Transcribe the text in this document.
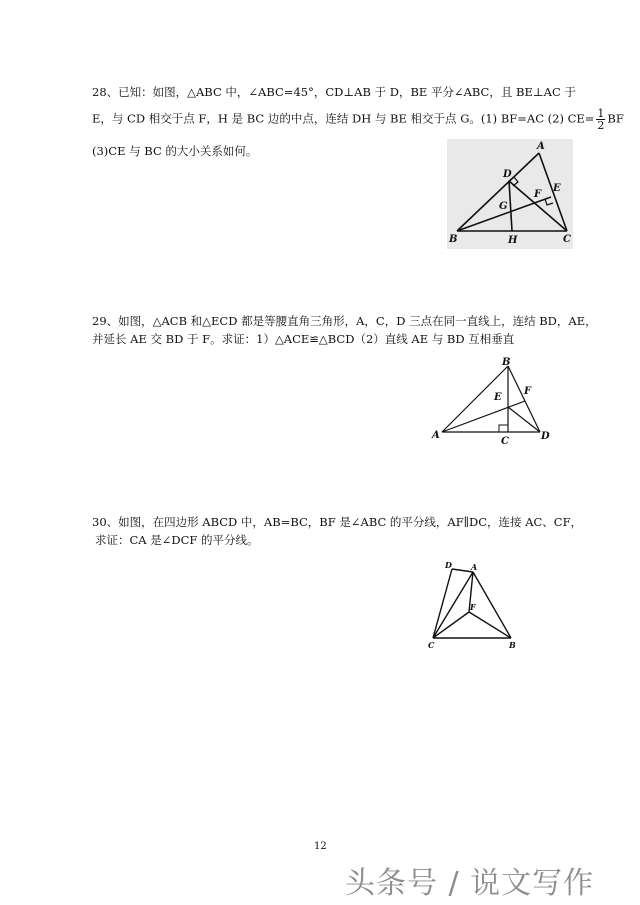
28、已知：如图，△ABC 中，∠ABC=45°，CD⊥AB 于 D，BE 平分∠ABC，且 BE⊥AC 于
E，与 CD 相交于点 F，H 是 BC 边的中点，连结 DH 与 BE 相交于点 G。(1) BF=AC (2) $CE= \frac{1}{2}$ BF
(3)CE 与 BC 的大小关系如何。	A
B	C
D
E
F
G
H
29、如图，△ACB 和△ECD 都是等腰直角三角形，A，C，D 三点在同一直线上，连结 BD，AE，
并延长 AE 交 BD 于 F。求证：1）△ACE≌△BCD（2）直线 AE 与 BD 互相垂直
A
B
C	D
E
F
30、如图，在四边形 ABCD 中，AB=BC，BF 是∠ABC 的平分线，AF∥DC，连接 AC、CF，
求证：CA 是∠DCF 的平分线。
D A
F
C	B
12
头条号 / 说文写作
